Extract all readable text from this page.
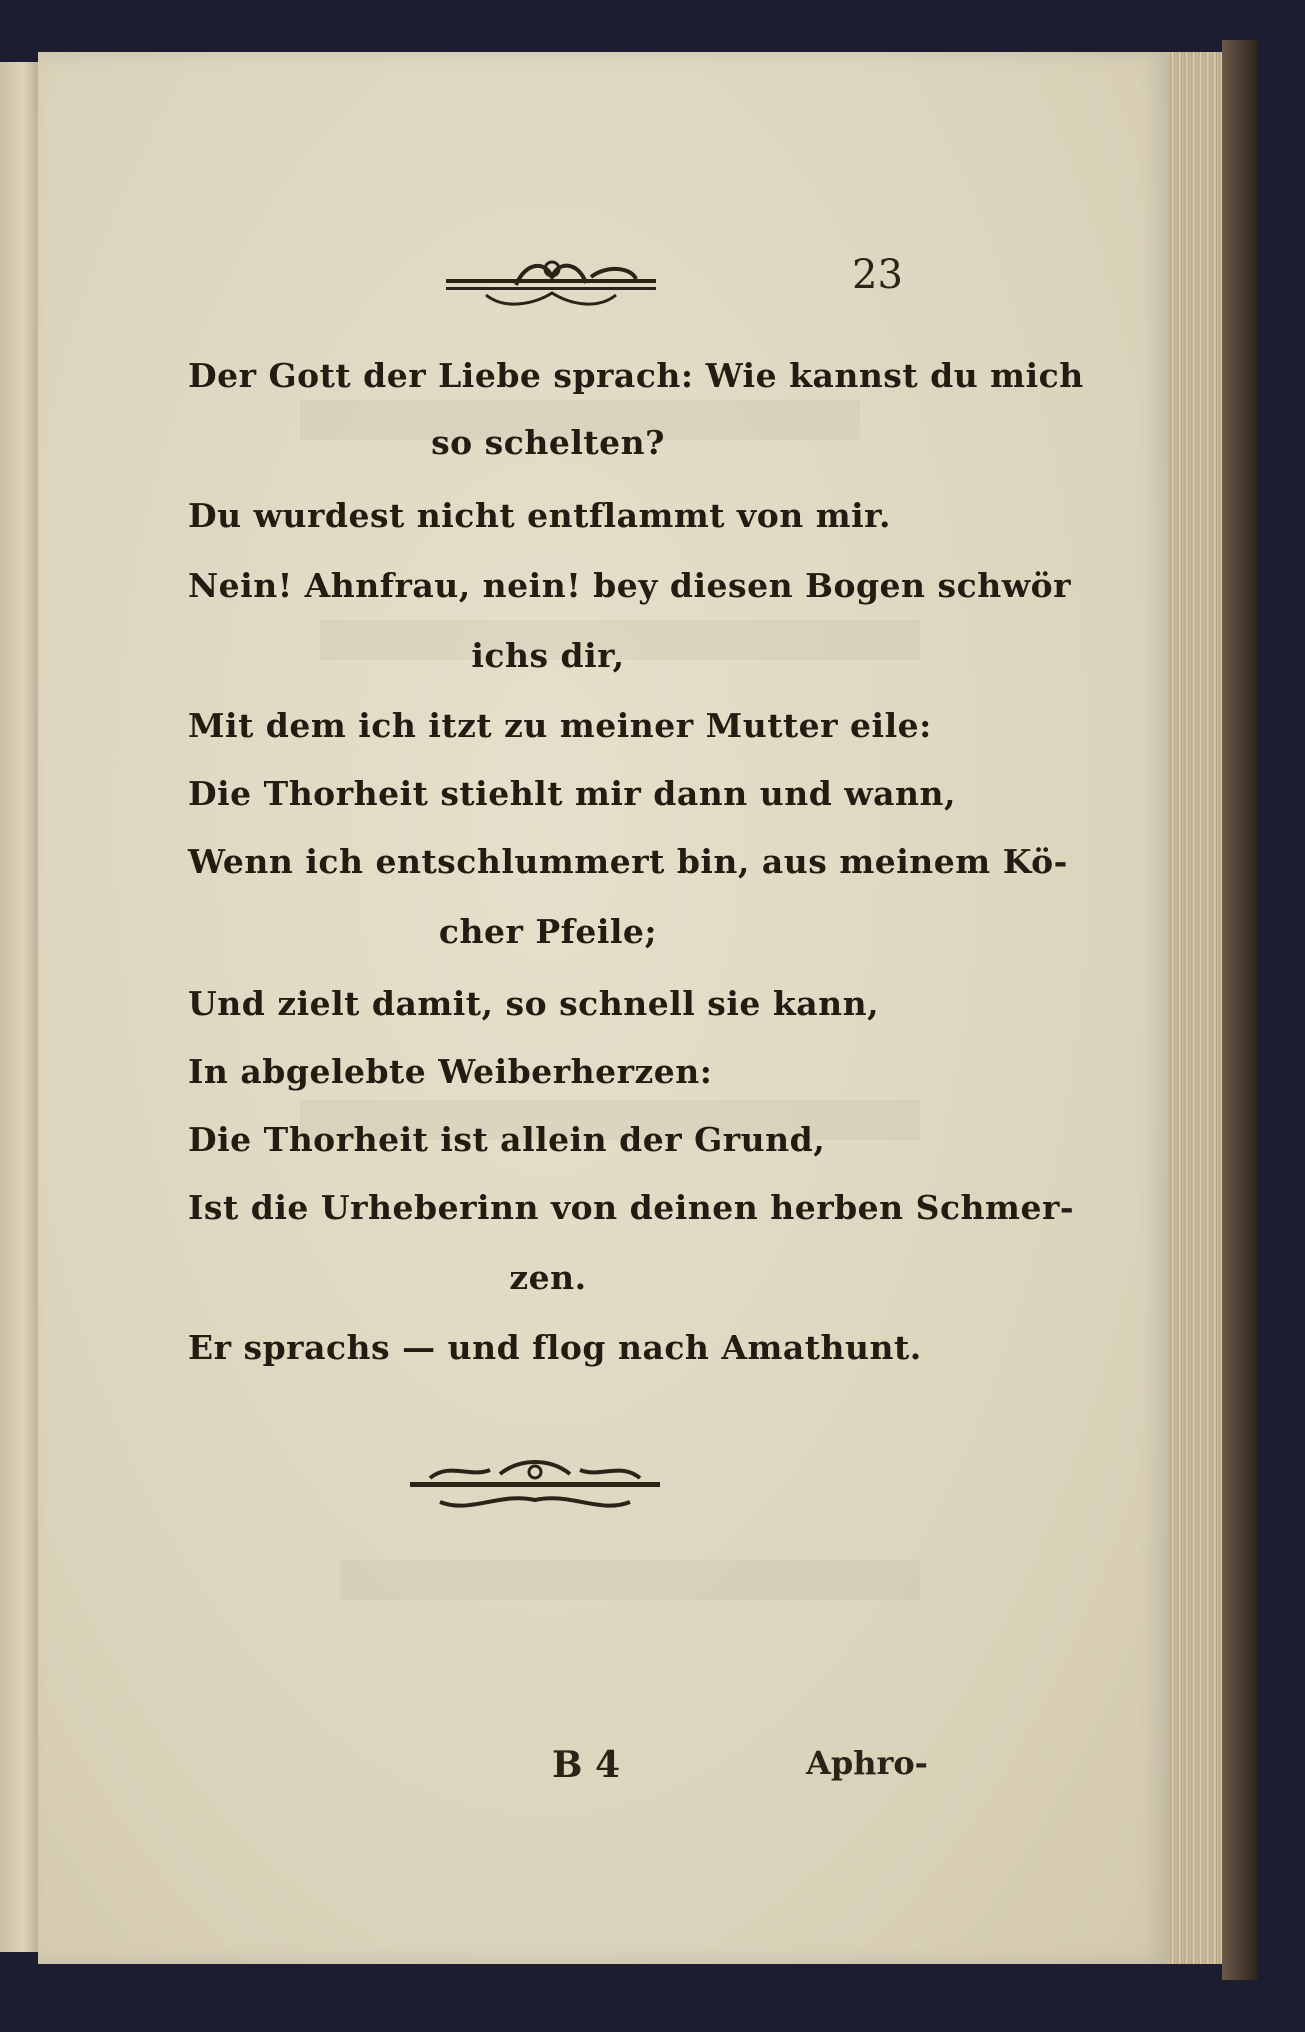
23
Der Gott der Liebe sprach: Wie kannst du mich
so schelten?
Du wurdest nicht entflammt von mir.
Nein! Ahnfrau, nein! bey diesen Bogen schwör
ichs dir,
Mit dem ich itzt zu meiner Mutter eile:
Die Thorheit stiehlt mir dann und wann,
Wenn ich entschlummert bin, aus meinem Kö-
cher Pfeile;
Und zielt damit, so schnell sie kann,
In abgelebte Weiberherzen:
Die Thorheit ist allein der Grund,
Ist die Urheberinn von deinen herben Schmer-
zen.
Er sprachs — und flog nach Amathunt.
B 4	Aphro-
